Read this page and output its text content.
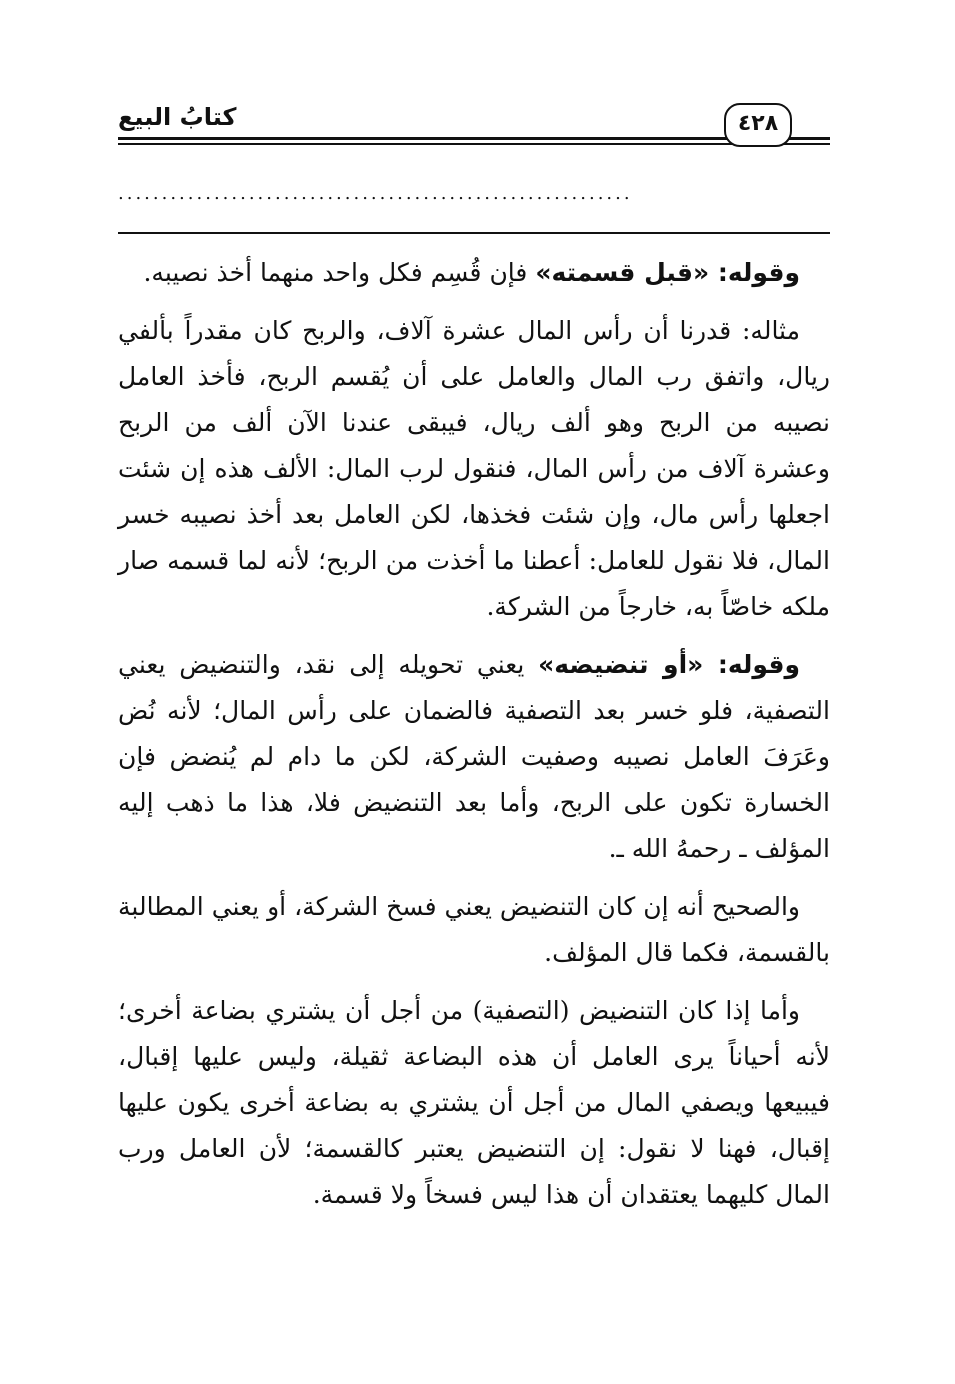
كتابُ البيع	٤٢٨
...........................................................

وقوله: «قبل قسمته» فإن قُسِم فكل واحد منهما أخذ نصيبه.

مثاله: قدرنا أن رأس المال عشرة آلاف، والربح كان مقدراً بألفي ريال، واتفق رب المال والعامل على أن يُقسم الربح، فأخذ العامل نصيبه من الربح وهو ألف ريال، فيبقى عندنا الآن ألف من الربح وعشرة آلاف من رأس المال، فنقول لرب المال: الألف هذه إن شئت اجعلها رأس مال، وإن شئت فخذها، لكن العامل بعد أخذ نصيبه خسر المال، فلا نقول للعامل: أعطنا ما أخذت من الربح؛ لأنه لما قسمه صار ملكه خاصّاً به، خارجاً من الشركة.

وقوله: «أو تنضيضه» يعني تحويله إلى نقد، والتنضيض يعني التصفية، فلو خسر بعد التصفية فالضمان على رأس المال؛ لأنه نُض وعَرَفَ العامل نصيبه وصفيت الشركة، لكن ما دام لم يُنضض فإن الخسارة تكون على الربح، وأما بعد التنضيض فلا، هذا ما ذهب إليه المؤلف ـ رحمهُ الله ـ.

والصحيح أنه إن كان التنضيض يعني فسخ الشركة، أو يعني المطالبة بالقسمة، فكما قال المؤلف.

وأما إذا كان التنضيض (التصفية) من أجل أن يشتري بضاعة أخرى؛ لأنه أحياناً يرى العامل أن هذه البضاعة ثقيلة، وليس عليها إقبال، فيبيعها ويصفي المال من أجل أن يشتري به بضاعة أخرى يكون عليها إقبال، فهنا لا نقول: إن التنضيض يعتبر كالقسمة؛ لأن العامل ورب المال كليهما يعتقدان أن هذا ليس فسخاً ولا قسمة.
